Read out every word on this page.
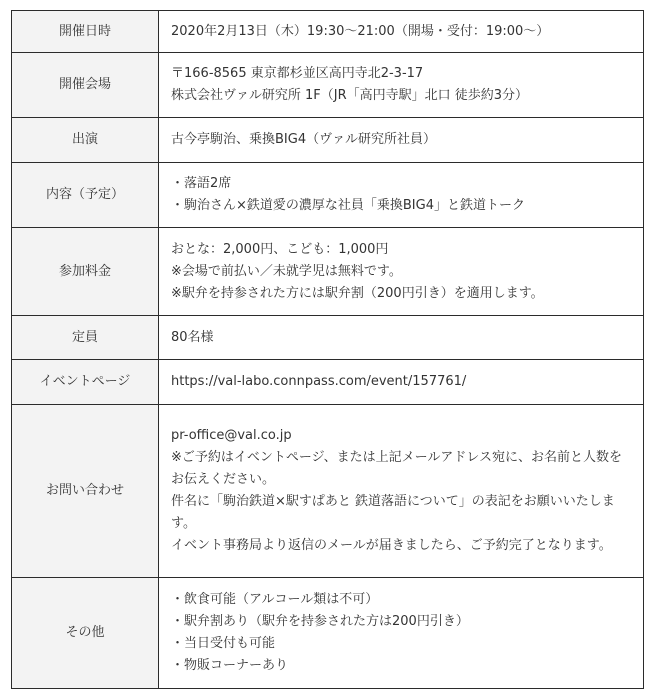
開催日時	2020年2月13日（木）19:30〜21:00（開場・受付：19:00〜）

開催会場	〒166-8565 東京都杉並区高円寺北2-3-17
株式会社ヴァル研究所 1F（JR「高円寺駅」北口 徒歩約3分）

出演	古今亭駒治、乗換BIG4（ヴァル研究所社員）

内容（予定）	・落語2席
・駒治さん×鉄道愛の濃厚な社員「乗換BIG4」と鉄道トーク

参加料金	おとな：2,000円、こども：1,000円
※会場で前払い／未就学児は無料です。
※駅弁を持参された方には駅弁割（200円引き）を適用します。

定員	80名様

イベントページ	https://val-labo.connpass.com/event/157761/

お問い合わせ	pr-office@val.co.jp
※ご予約はイベントページ、または上記メールアドレス宛に、お名前と人数をお伝えください。
件名に「駒治鉄道×駅すぱあと 鉄道落語について」の表記をお願いいたします。
イベント事務局より返信のメールが届きましたら、ご予約完了となります。

その他	・飲食可能（アルコール類は不可）
・駅弁割あり（駅弁を持参された方は200円引き）
・当日受付も可能
・物販コーナーあり
